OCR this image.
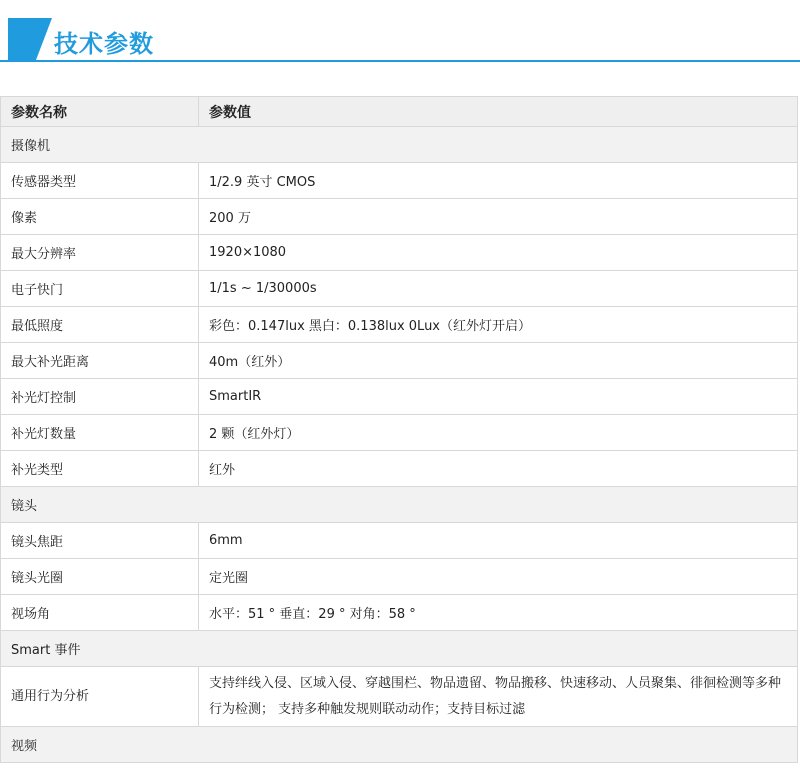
技术参数
参数名称	参数值
摄像机	
传感器类型	1/2.9 英寸 CMOS
像素	200 万
最大分辨率	1920×1080
电子快门	1/1s ~ 1/30000s
最低照度	彩色：0.147lux 黑白：0.138lux 0Lux（红外灯开启）
最大补光距离	40m（红外）
补光灯控制	SmartIR
补光灯数量	2 颗（红外灯）
补光类型	红外
镜头	
镜头焦距	6mm
镜头光圈	定光圈
视场角	水平：51 ° 垂直：29 ° 对角：58 °
Smart 事件	
通用行为分析	支持绊线入侵、区域入侵、穿越围栏、物品遗留、物品搬移、快速移动、人员聚集、徘徊检测等多种行为检测； 支持多种触发规则联动动作；支持目标过滤
视频	
